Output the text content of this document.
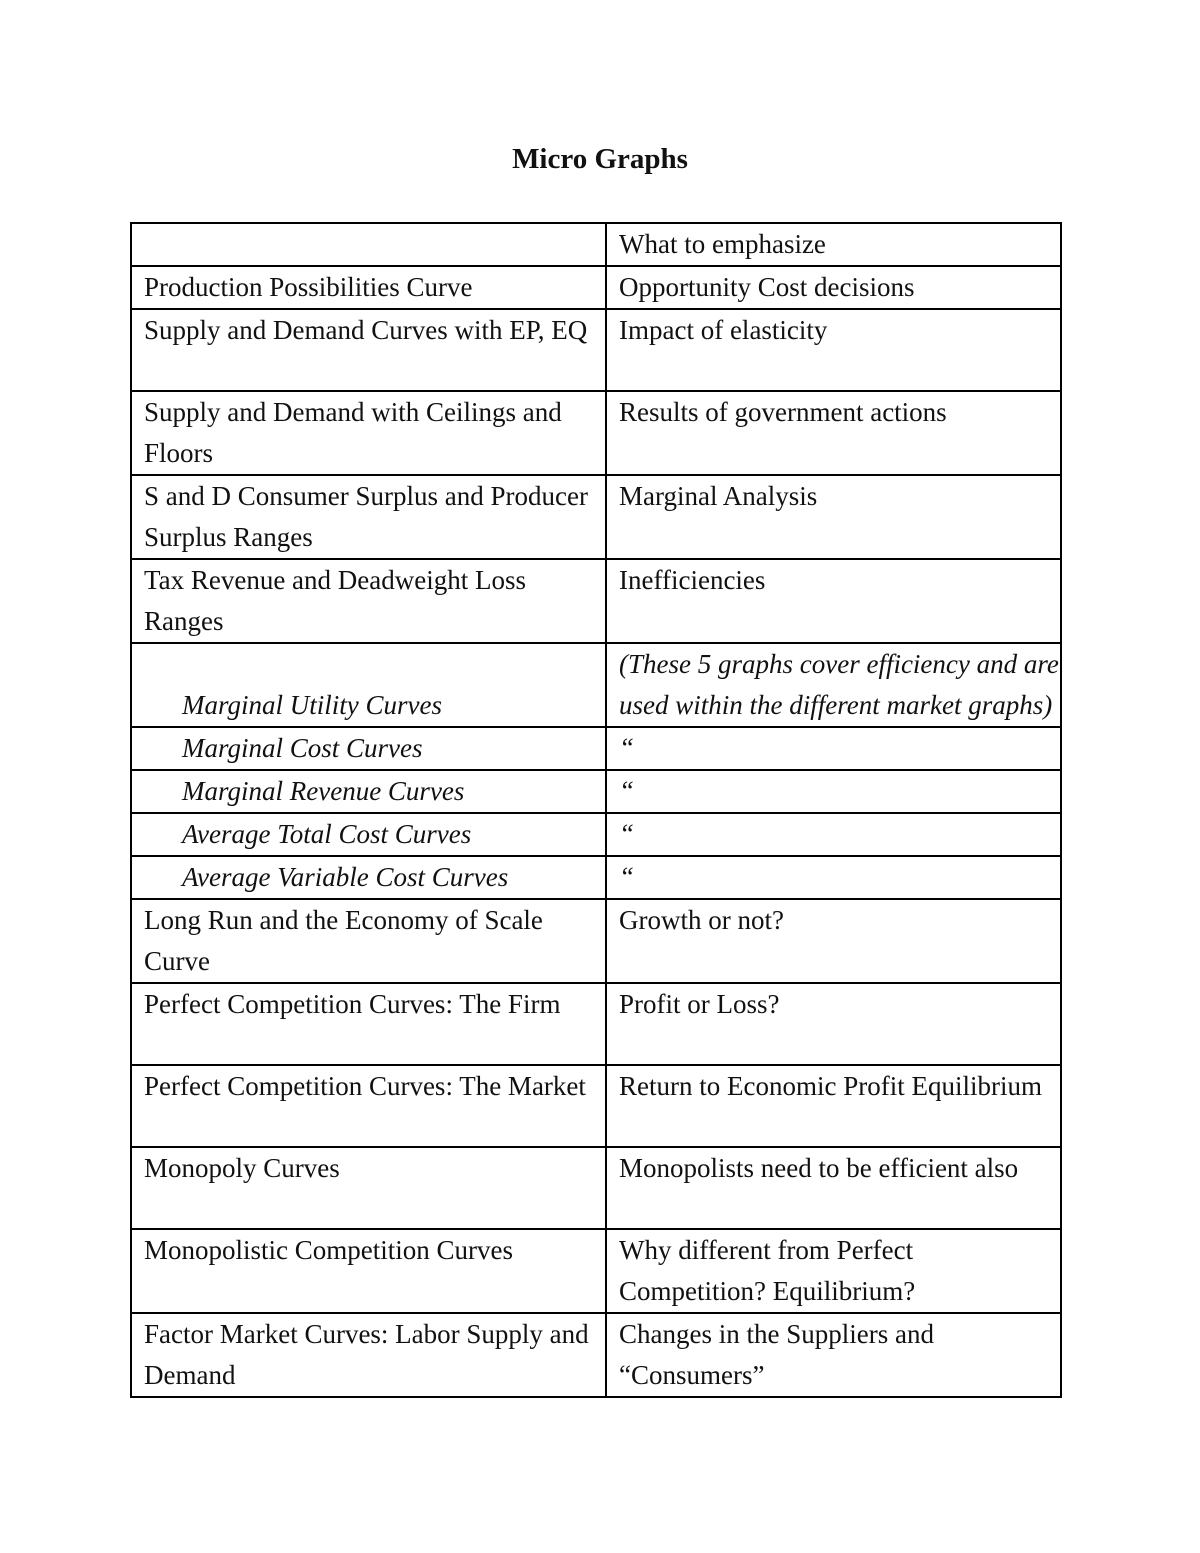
Micro Graphs
	What to emphasize
Production Possibilities Curve	Opportunity Cost decisions
Supply and Demand Curves with EP, EQ	Impact of elasticity
Supply and Demand with Ceilings and Floors	Results of government actions
S and D Consumer Surplus and Producer Surplus Ranges	Marginal Analysis
Tax Revenue and Deadweight Loss Ranges	Inefficiencies
Marginal Utility Curves	(These 5 graphs cover efficiency and are used within the different market graphs)
Marginal Cost Curves	“
Marginal Revenue Curves	“
Average Total Cost Curves	“
Average Variable Cost Curves	“
Long Run and the Economy of Scale Curve	Growth or not?
Perfect Competition Curves: The Firm	Profit or Loss?
Perfect Competition Curves: The Market	Return to Economic Profit Equilibrium
Monopoly Curves	Monopolists need to be efficient also
Monopolistic Competition Curves	Why different from Perfect Competition? Equilibrium?
Factor Market Curves: Labor Supply and Demand	Changes in the Suppliers and “Consumers”
